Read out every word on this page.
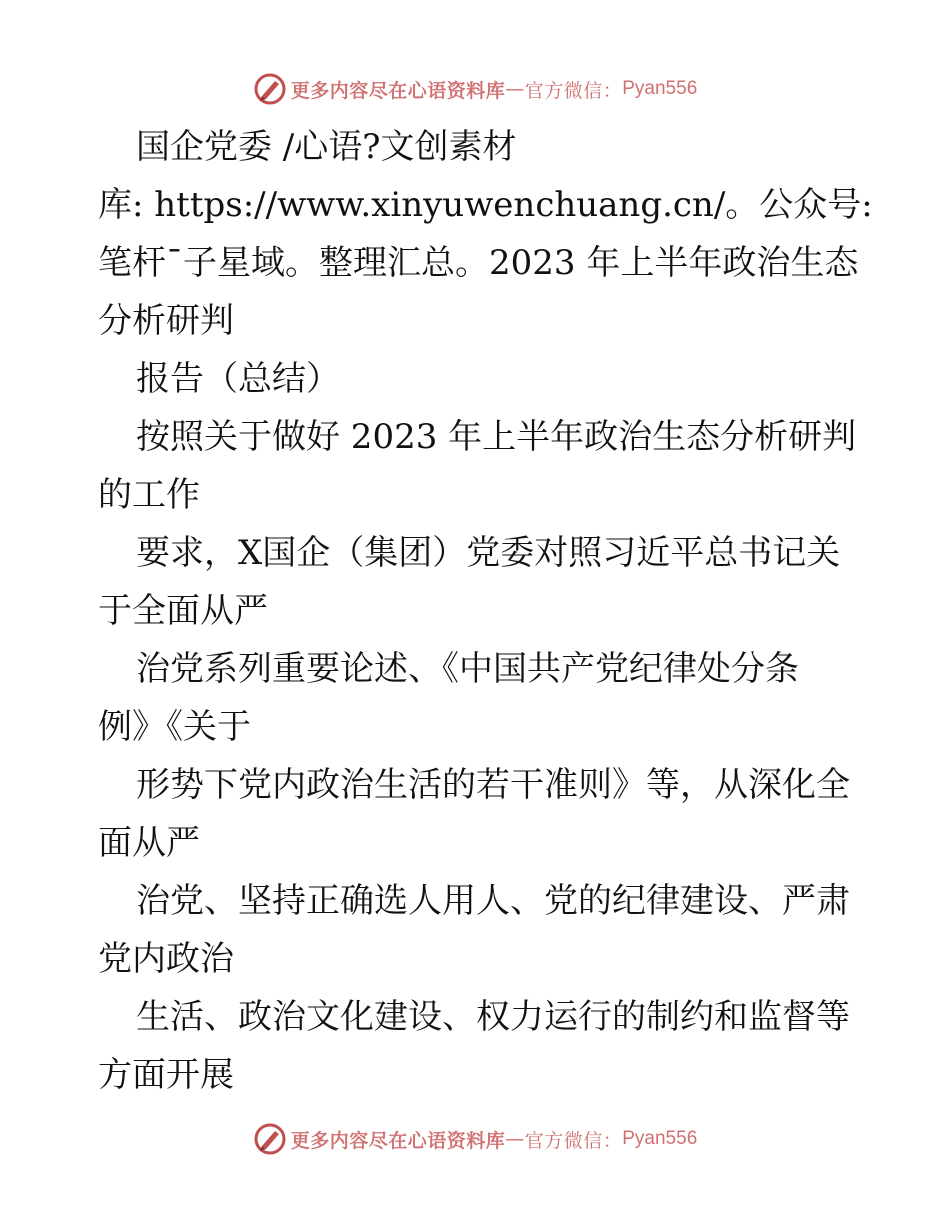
更多内容尽在心语资料库 — 官方微信： Pyan556
国企党委 /心语?文创素材
库: https://www.xinyuwenchuang.cn/。公众号:
笔杆¯子星域。整理汇总。2023 年上半年政治生态
分析研判
报告（总结）
按照关于做好 2023 年上半年政治生态分析研判
的工作
要求，X国企（集团）党委对照习近平总书记关
于全面从严
治党系列重要论述、《中国共产党纪律处分条
例》《关于
形势下党内政治生活的若干准则》等，从深化全
面从严
治党、坚持正确选人用人、党的纪律建设、严肃
党内政治
生活、政治文化建设、权力运行的制约和监督等
方面开展
更多内容尽在心语资料库 — 官方微信： Pyan556
